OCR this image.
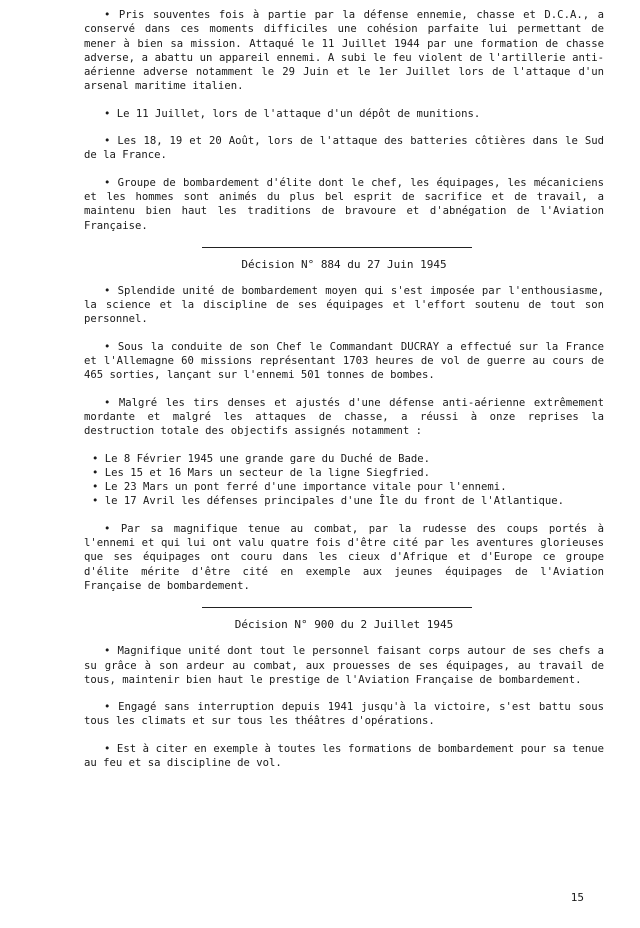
• Pris souventes fois à partie par la défense ennemie, chasse et D.C.A., a conservé dans ces moments difficiles une cohésion parfaite lui permettant de mener à bien sa mission. Attaqué le 11 Juillet 1944 par une formation de chasse adverse, a abattu un appareil ennemi. A subi le feu violent de l'artillerie anti-aérienne adverse notamment le 29 Juin et le 1er Juillet lors de l'attaque d'un arsenal maritime italien.

• Le 11 Juillet, lors de l'attaque d'un dépôt de munitions.

• Les 18, 19 et 20 Août, lors de l'attaque des batteries côtières dans le Sud de la France.

• Groupe de bombardement d'élite dont le chef, les équipages, les mécaniciens et les hommes sont animés du plus bel esprit de sacrifice et de travail, a maintenu bien haut les traditions de bravoure et d'abnégation de l'Aviation Française.

Décision N° 884 du 27 Juin 1945

• Splendide unité de bombardement moyen qui s'est imposée par l'enthousiasme, la science et la discipline de ses équipages et l'effort soutenu de tout son personnel.

• Sous la conduite de son Chef le Commandant DUCRAY a effectué sur la France et l'Allemagne 60 missions représentant 1703 heures de vol de guerre au cours de 465 sorties, lançant sur l'ennemi 501 tonnes de bombes.

• Malgré les tirs denses et ajustés d'une défense anti-aérienne extrêmement mordante et malgré les attaques de chasse, a réussi à onze reprises la destruction totale des objectifs assignés notamment :

• Le 8 Février 1945 une grande gare du Duché de Bade.
• Les 15 et 16 Mars un secteur de la ligne Siegfried.
• Le 23 Mars un pont ferré d'une importance vitale pour l'ennemi.
• le 17 Avril les défenses principales d'une Île du front de l'Atlantique.

• Par sa magnifique tenue au combat, par la rudesse des coups portés à l'ennemi et qui lui ont valu quatre fois d'être cité par les aventures glorieuses que ses équipages ont couru dans les cieux d'Afrique et d'Europe ce groupe d'élite mérite d'être cité en exemple aux jeunes équipages de l'Aviation Française de bombardement.

Décision N° 900 du 2 Juillet 1945

• Magnifique unité dont tout le personnel faisant corps autour de ses chefs a su grâce à son ardeur au combat, aux prouesses de ses équipages, au travail de tous, maintenir bien haut le prestige de l'Aviation Française de bombardement.

• Engagé sans interruption depuis 1941 jusqu'à la victoire, s'est battu sous tous les climats et sur tous les théâtres d'opérations.

• Est à citer en exemple à toutes les formations de bombardement pour sa tenue au feu et sa discipline de vol.

15
